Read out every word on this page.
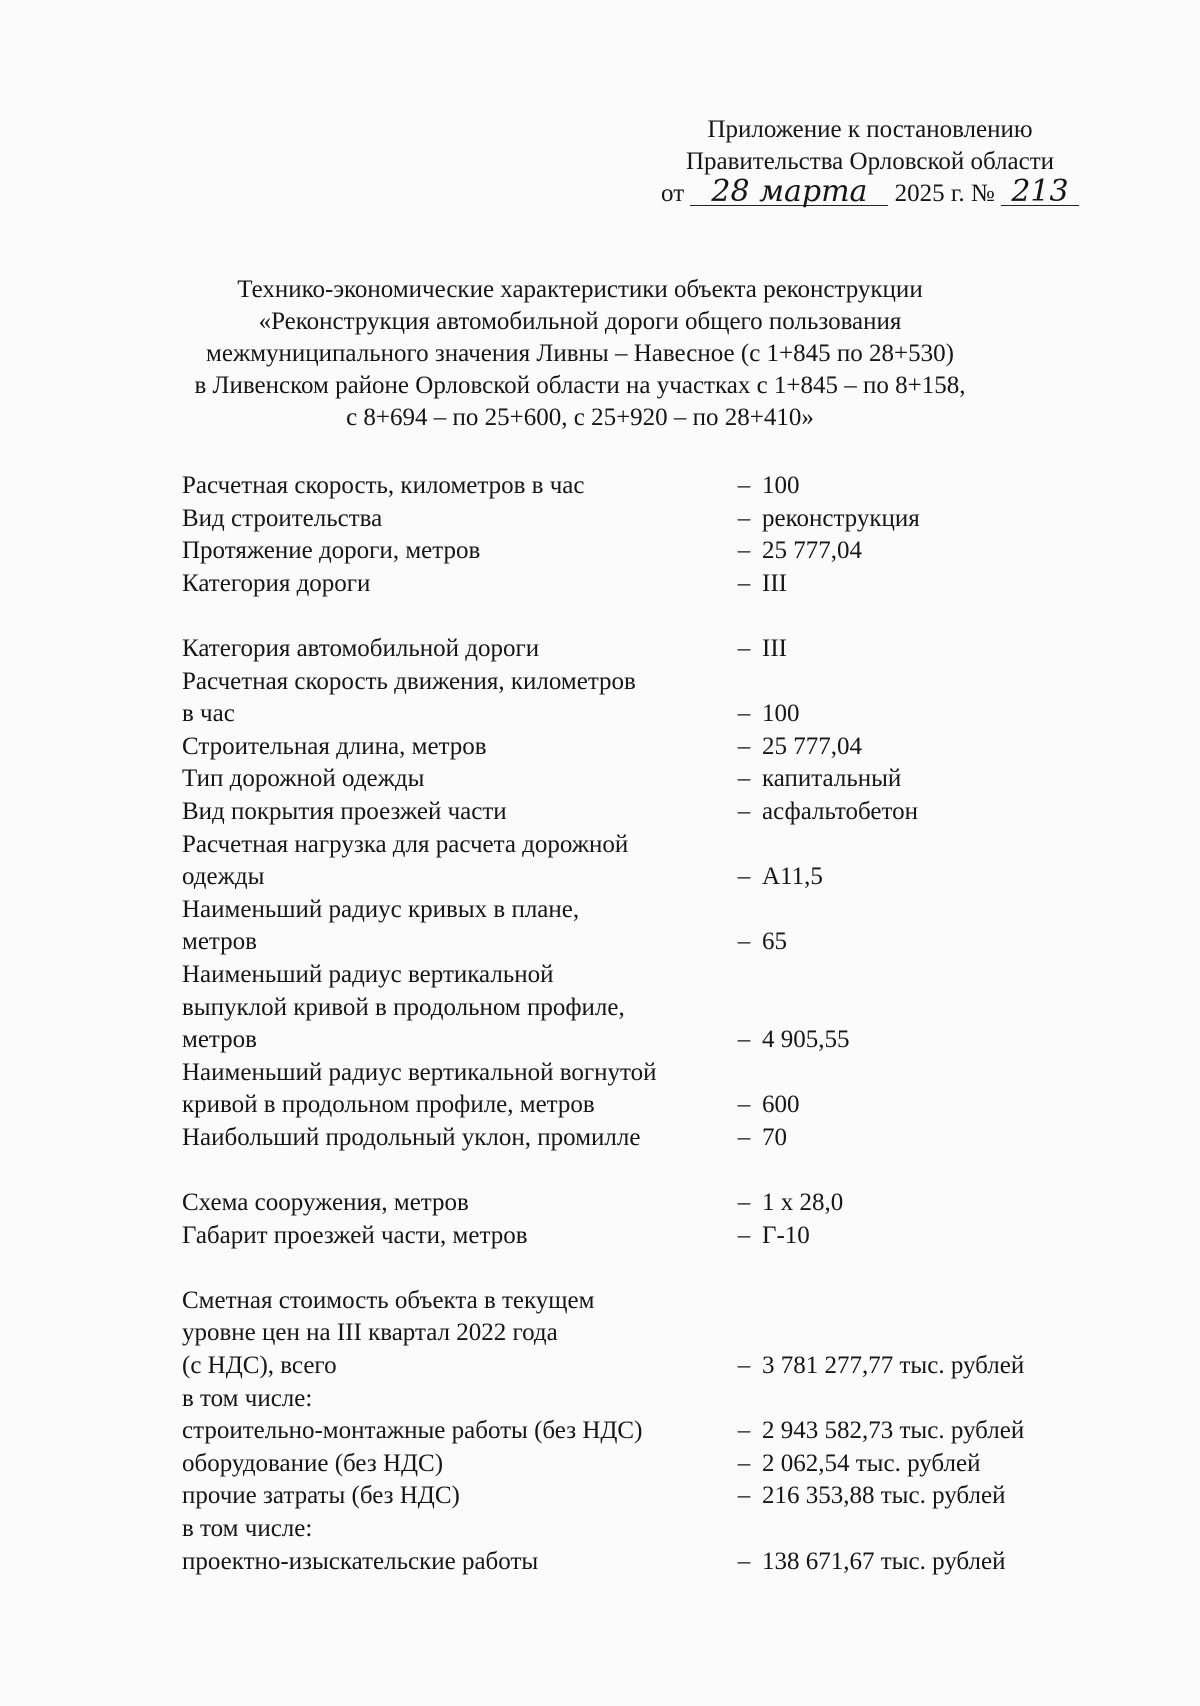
Приложение к постановлению
Правительства Орловской области
от 28 марта 2025 г. № 213
Технико-экономические характеристики объекта реконструкции
«Реконструкция автомобильной дороги общего пользования
межмуниципального значения Ливны – Навесное (с 1+845 по 28+530)
в Ливенском районе Орловской области на участках с 1+845 – по 8+158,
с 8+694 – по 25+600, с 25+920 – по 28+410»
Расчетная скорость, километров в час	– 100
Вид строительства	– реконструкция
Протяжение дороги, метров	– 25 777,04
Категория дороги	– III
Категория автомобильной дороги	– III
Расчетная скорость движения, километров
в час	– 100
Строительная длина, метров	– 25 777,04
Тип дорожной одежды	– капитальный
Вид покрытия проезжей части	– асфальтобетон
Расчетная нагрузка для расчета дорожной
одежды	– А11,5
Наименьший радиус кривых в плане,
метров	– 65
Наименьший радиус вертикальной
выпуклой кривой в продольном профиле,
метров	– 4 905,55
Наименьший радиус вертикальной вогнутой
кривой в продольном профиле, метров	– 600
Наибольший продольный уклон, промилле	– 70
Схема сооружения, метров	– 1 х 28,0
Габарит проезжей части, метров	– Г-10
Сметная стоимость объекта в текущем
уровне цен на III квартал 2022 года
(с НДС), всего	– 3 781 277,77 тыс. рублей
в том числе:
строительно-монтажные работы (без НДС)	– 2 943 582,73 тыс. рублей
оборудование (без НДС)	– 2 062,54 тыс. рублей
прочие затраты (без НДС)	– 216 353,88 тыс. рублей
в том числе:
проектно-изыскательские работы	– 138 671,67 тыс. рублей
